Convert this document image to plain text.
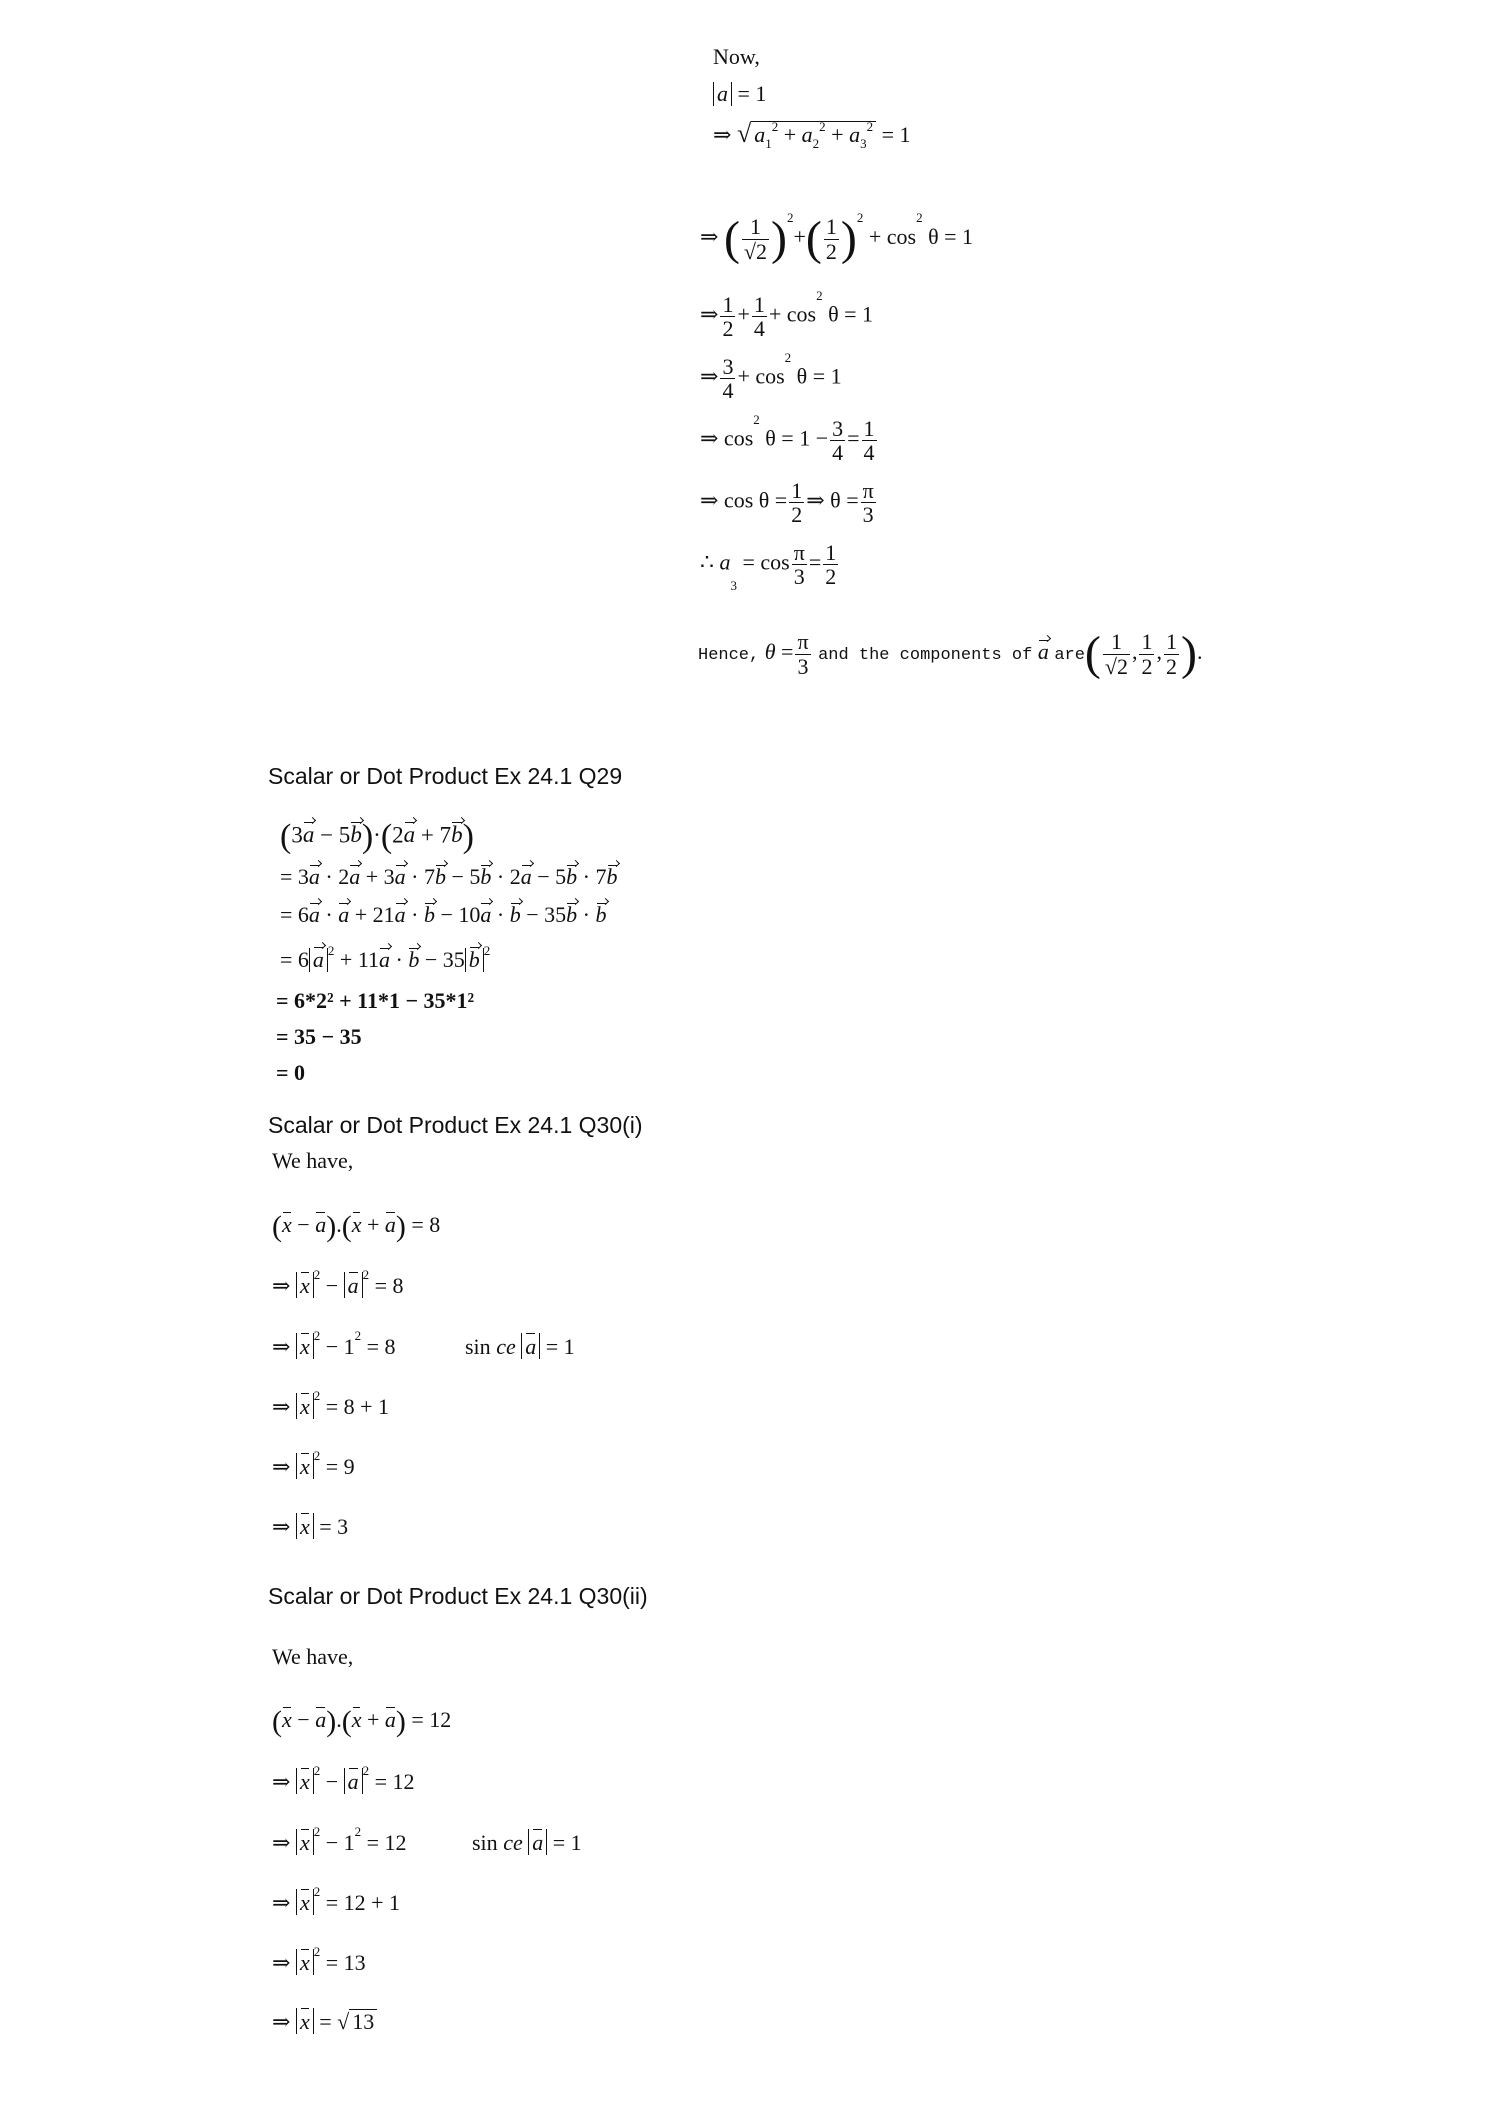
Now,
a = 1
⇒ √ $a1^2 + a2^2 + a3^2 = 1$
⇒ ( $\frac{1}{√2} )^2+( \frac{1}{2} )^2 + \cos^2 \theta = 1$
⇒ $\frac{1}{2} + \frac{1}{4} + \cos^2 \theta = 1$
⇒ $\frac{3}{4} + \cos^2 \theta = 1$
⇒ $\cos^2 \theta = 1 - \frac{3}{4} = \frac{1}{4}$
⇒ $\cos \theta = \frac{1}{2}$ ⇒ $\theta = \frac{\pi}{3}$
∴ $a3 = \cos \frac{\pi}{3} = \frac{1}{2}$
Hence, $\theta = \frac{\pi}{3}$ and the components of a $are( \frac{1}{√2}$ , $\frac{1}{2}$ , $\frac{1}{2}$ ).
Scalar or Dot Product Ex 24.1 Q29
(3a − 5b)·(2a + 7b)
= 3a · 2a + 3a · 7b − 5b · 2a − 5b · 7b
= 6a · a + 21a · b − 10a · b − 35b · b
= 6 a $^2$ + 11a · b − 35 b $^2$
= 6*2² + 11*1 − 35*1²
= 35 − 35
= 0
Scalar or Dot Product Ex 24.1 Q30(i)
We have,
(x − a).(x + a) = 8
⇒ x $^2$ − a $^2$ = 8
⇒ x $^2 - 1^2 = 8$	sin ce a = 1
⇒ x $^2$ = 8 + 1
⇒ x $^2$ = 9
⇒ x = 3
Scalar or Dot Product Ex 24.1 Q30(ii)
We have,
(x − a).(x + a) = 12
⇒ x $^2$ − a $^2$ = 12
⇒ x $^2 - 1^2 = 12$	sin ce a = 1
⇒ x $^2$ = 12 + 1
⇒ x $^2$ = 13
⇒ x = √ 13
